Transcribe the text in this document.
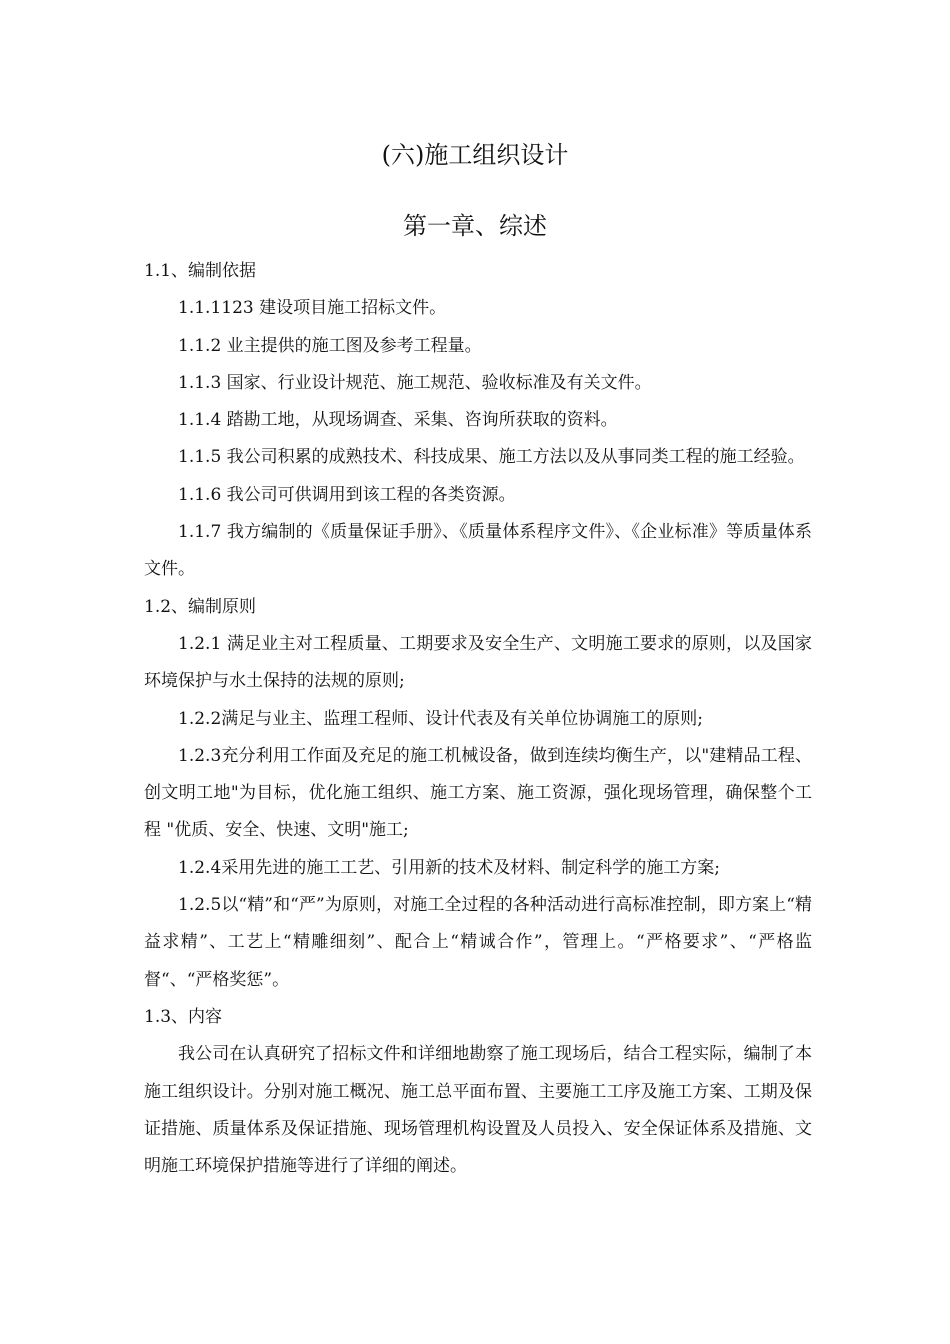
(六)施工组织设计
第一章、综述

1.1、编制依据

1.1.1123 建设项目施工招标文件。

1.1.2 业主提供的施工图及参考工程量。

1.1.3 国家、行业设计规范、施工规范、验收标准及有关文件。

1.1.4 踏勘工地，从现场调查、采集、咨询所获取的资料。

1.1.5 我公司积累的成熟技术、科技成果、施工方法以及从事同类工程的施工经验。

1.1.6 我公司可供调用到该工程的各类资源。

1.1.7 我方编制的《质量保证手册》、《质量体系程序文件》、《企业标准》等质量体系文件。

1.2、编制原则

1.2.1 满足业主对工程质量、工期要求及安全生产、文明施工要求的原则，以及国家环境保护与水土保持的法规的原则;

1.2.2满足与业主、监理工程师、设计代表及有关单位协调施工的原则;

1.2.3充分利用工作面及充足的施工机械设备，做到连续均衡生产，以"建精品工程、创文明工地"为目标，优化施工组织、施工方案、施工资源，强化现场管理，确保整个工程 "优质、安全、快速、文明"施工;

1.2.4采用先进的施工工艺、引用新的技术及材料、制定科学的施工方案;

1.2.5以“精”和“严”为原则，对施工全过程的各种活动进行高标准控制，即方案上“精益求精”、工艺上“精雕细刻”、配合上“精诚合作”，管理上。“严格要求”、“严格监督“、“严格奖惩”。

1.3、内容

我公司在认真研究了招标文件和详细地勘察了施工现场后，结合工程实际，编制了本施工组织设计。分别对施工概况、施工总平面布置、主要施工工序及施工方案、工期及保证措施、质量体系及保证措施、现场管理机构设置及人员投入、安全保证体系及措施、文明施工环境保护措施等进行了详细的阐述。
